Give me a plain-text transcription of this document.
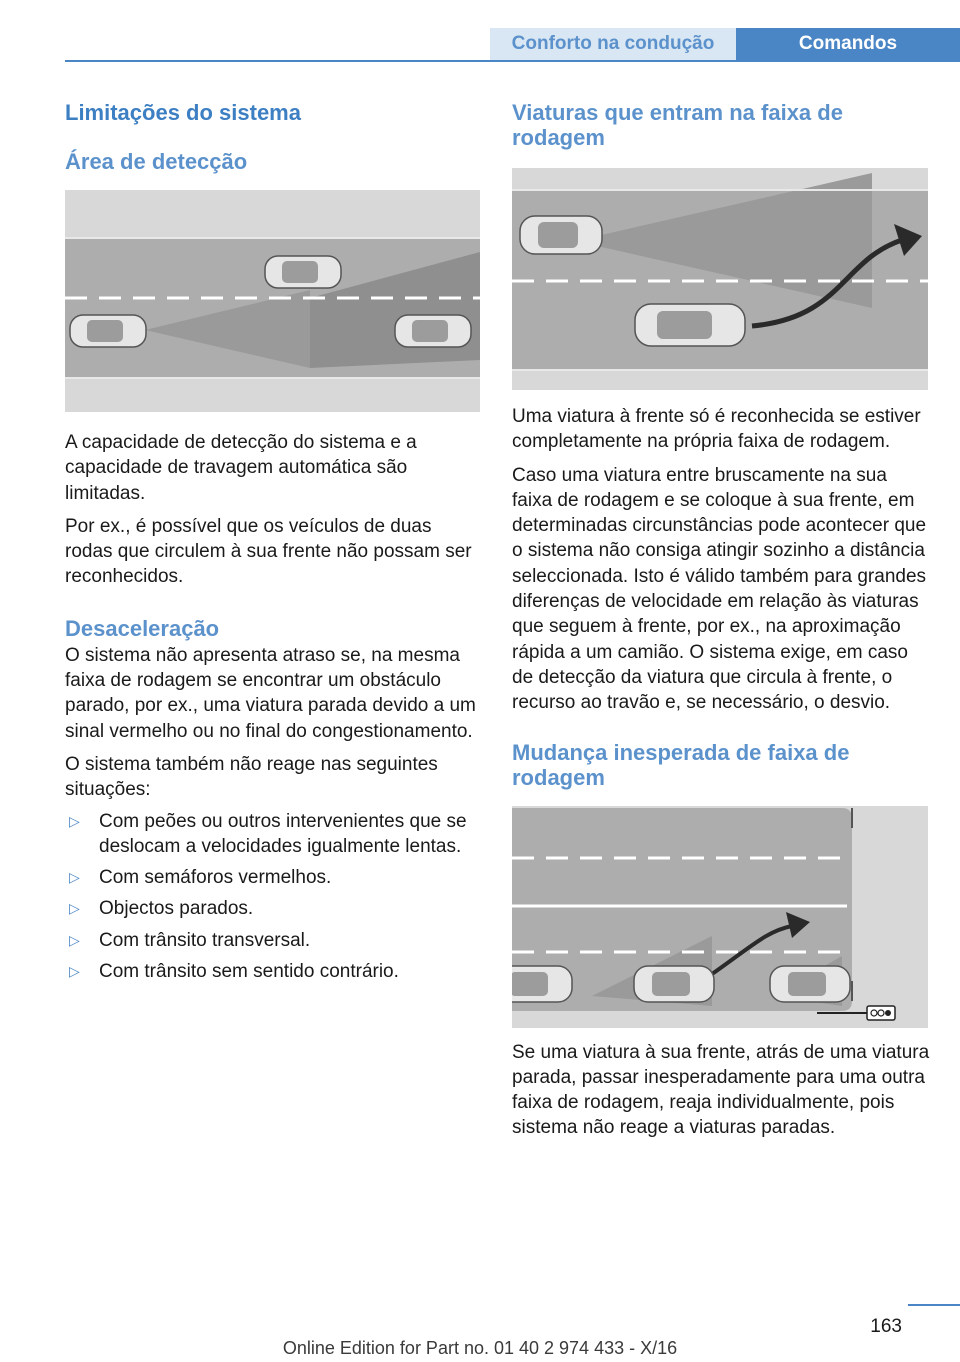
Conforto na condução	Comandos
Limitações do sistema
Área de detecção

A capacidade de detecção do sistema e a capacidade de travagem automática são limitadas.

Por ex., é possível que os veículos de duas rodas que circulem à sua frente não possam ser reconhecidos.

Desaceleração

O sistema não apresenta atraso se, na mesma faixa de rodagem se encontrar um obstáculo parado, por ex., uma viatura parada devido a um sinal vermelho ou no final do congestionamento.

O sistema também não reage nas seguintes situações:

▷ Com peões ou outros intervenientes que se deslocam a velocidades igualmente lentas.
▷ Com semáforos vermelhos.
▷ Objectos parados.
▷ Com trânsito transversal.
▷ Com trânsito sem sentido contrário.
Viaturas que entram na faixa de rodagem

Uma viatura à frente só é reconhecida se estiver completamente na própria faixa de rodagem.

Caso uma viatura entre bruscamente na sua faixa de rodagem e se coloque à sua frente, em determinadas circunstâncias pode acontecer que o sistema não consiga atingir sozinho a distância seleccionada. Isto é válido também para grandes diferenças de velocidade em relação às viaturas que seguem à frente, por ex., na aproximação rápida a um camião. O sistema exige, em caso de detecção da viatura que circula à frente, o recurso ao travão e, se necessário, o desvio.

Mudança inesperada de faixa de rodagem

Se uma viatura à sua frente, atrás de uma viatura parada, passar inesperadamente para uma outra faixa de rodagem, reaja individualmente, pois sistema não reage a viaturas paradas.

163
Online Edition for Part no. 01 40 2 974 433 - X/16
